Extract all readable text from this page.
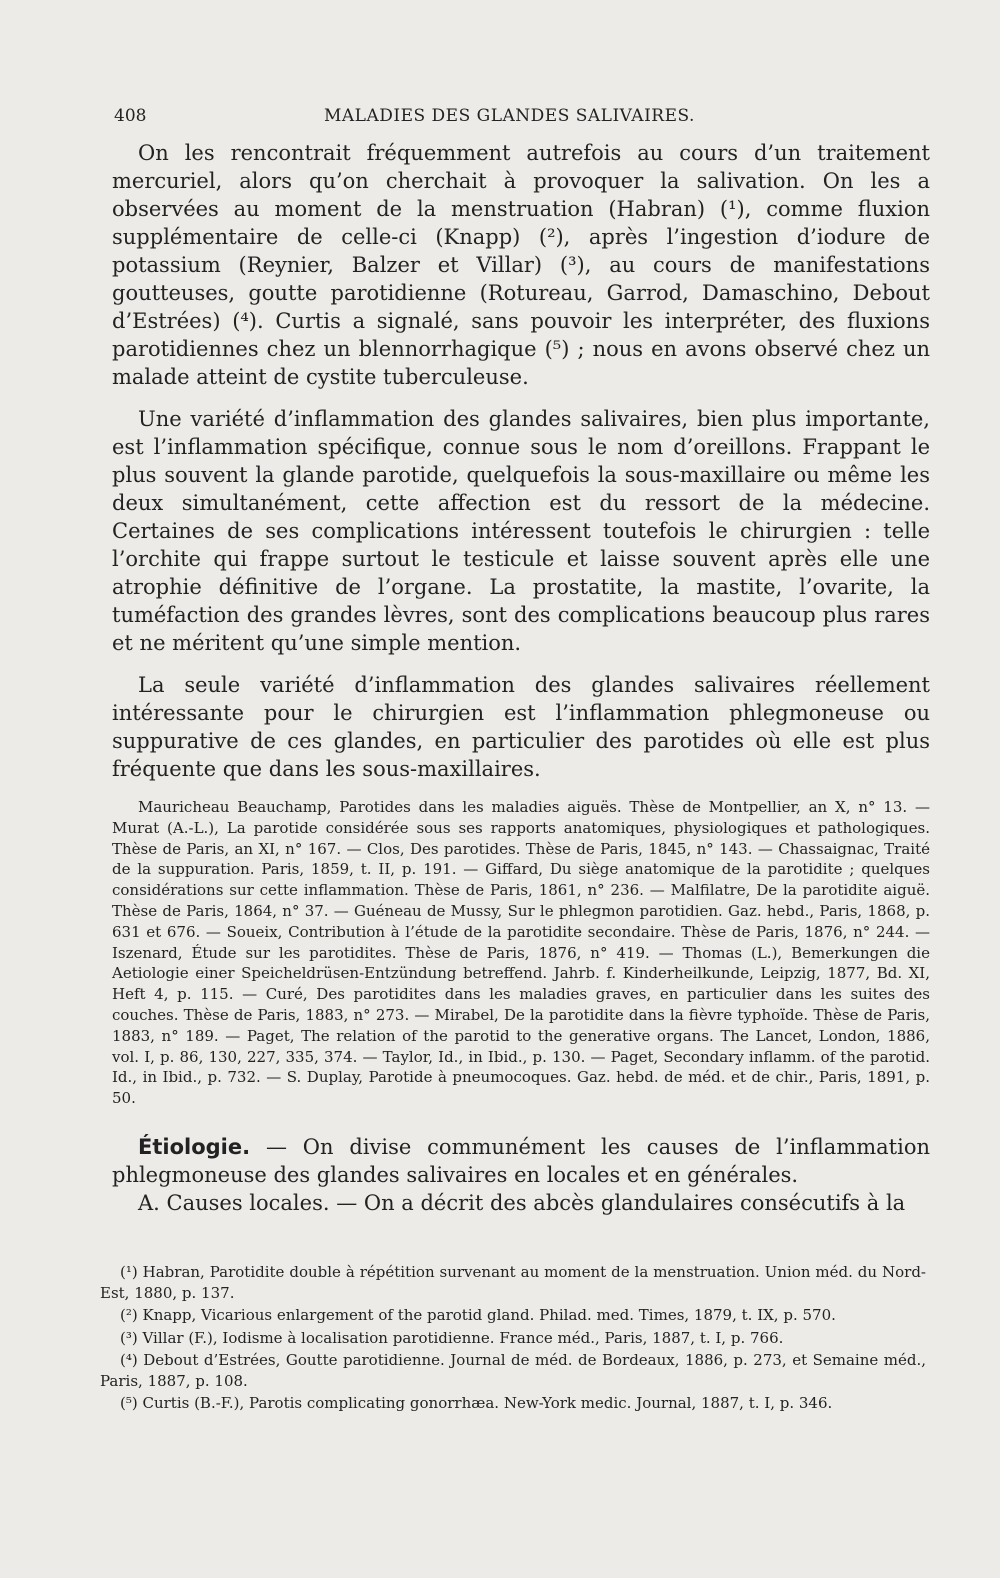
408	MALADIES DES GLANDES SALIVAIRES.

On les rencontrait fréquemment autrefois au cours d’un traitement mercuriel, alors qu’on cherchait à provoquer la salivation. On les a observées au moment de la menstruation (Habran) (¹), comme fluxion supplémentaire de celle-ci (Knapp) (²), après l’ingestion d’iodure de potassium (Reynier, Balzer et Villar) (³), au cours de manifestations goutteuses, goutte parotidienne (Rotureau, Garrod, Damaschino, Debout d’Estrées) (⁴). Curtis a signalé, sans pouvoir les interpréter, des fluxions parotidiennes chez un blennorrhagique (⁵) ; nous en avons observé chez un malade atteint de cystite tuberculeuse.

Une variété d’inflammation des glandes salivaires, bien plus importante, est l’inflammation spécifique, connue sous le nom d’oreillons. Frappant le plus souvent la glande parotide, quelquefois la sous-maxillaire ou même les deux simultanément, cette affection est du ressort de la médecine. Certaines de ses complications intéressent toutefois le chirurgien : telle l’orchite qui frappe surtout le testicule et laisse souvent après elle une atrophie définitive de l’organe. La prostatite, la mastite, l’ovarite, la tuméfaction des grandes lèvres, sont des complications beaucoup plus rares et ne méritent qu’une simple mention.

La seule variété d’inflammation des glandes salivaires réellement intéressante pour le chirurgien est l’inflammation phlegmoneuse ou suppurative de ces glandes, en particulier des parotides où elle est plus fréquente que dans les sous-maxillaires.

Mauricheau Beauchamp, Parotides dans les maladies aiguës. Thèse de Montpellier, an X, n° 13. — Murat (A.-L.), La parotide considérée sous ses rapports anatomiques, physiologiques et pathologiques. Thèse de Paris, an XI, n° 167. — Clos, Des parotides. Thèse de Paris, 1845, n° 143. — Chassaignac, Traité de la suppuration. Paris, 1859, t. II, p. 191. — Giffard, Du siège anatomique de la parotidite ; quelques considérations sur cette inflammation. Thèse de Paris, 1861, n° 236. — Malfilatre, De la parotidite aiguë. Thèse de Paris, 1864, n° 37. — Guéneau de Mussy, Sur le phlegmon parotidien. Gaz. hebd., Paris, 1868, p. 631 et 676. — Soueix, Contribution à l’étude de la parotidite secondaire. Thèse de Paris, 1876, n° 244. — Iszenard, Étude sur les parotidites. Thèse de Paris, 1876, n° 419. — Thomas (L.), Bemerkungen die Aetiologie einer Speicheldrüsen-Entzündung betreffend. Jahrb. f. Kinderheilkunde, Leipzig, 1877, Bd. XI, Heft 4, p. 115. — Curé, Des parotidites dans les maladies graves, en particulier dans les suites des couches. Thèse de Paris, 1883, n° 273. — Mirabel, De la parotidite dans la fièvre typhoïde. Thèse de Paris, 1883, n° 189. — Paget, The relation of the parotid to the generative organs. The Lancet, London, 1886, vol. I, p. 86, 130, 227, 335, 374. — Taylor, Id., in Ibid., p. 130. — Paget, Secondary inflamm. of the parotid. Id., in Ibid., p. 732. — S. Duplay, Parotide à pneumocoques. Gaz. hebd. de méd. et de chir., Paris, 1891, p. 50.

Étiologie. — On divise communément les causes de l’inflammation phlegmoneuse des glandes salivaires en locales et en générales.

A. Causes locales. — On a décrit des abcès glandulaires consécutifs à la

(¹) Habran, Parotidite double à répétition survenant au moment de la menstruation. Union méd. du Nord-Est, 1880, p. 137.

(²) Knapp, Vicarious enlargement of the parotid gland. Philad. med. Times, 1879, t. IX, p. 570.

(³) Villar (F.), Iodisme à localisation parotidienne. France méd., Paris, 1887, t. I, p. 766.

(⁴) Debout d’Estrées, Goutte parotidienne. Journal de méd. de Bordeaux, 1886, p. 273, et Semaine méd., Paris, 1887, p. 108.

(⁵) Curtis (B.-F.), Parotis complicating gonorrhæa. New-York medic. Journal, 1887, t. I, p. 346.
